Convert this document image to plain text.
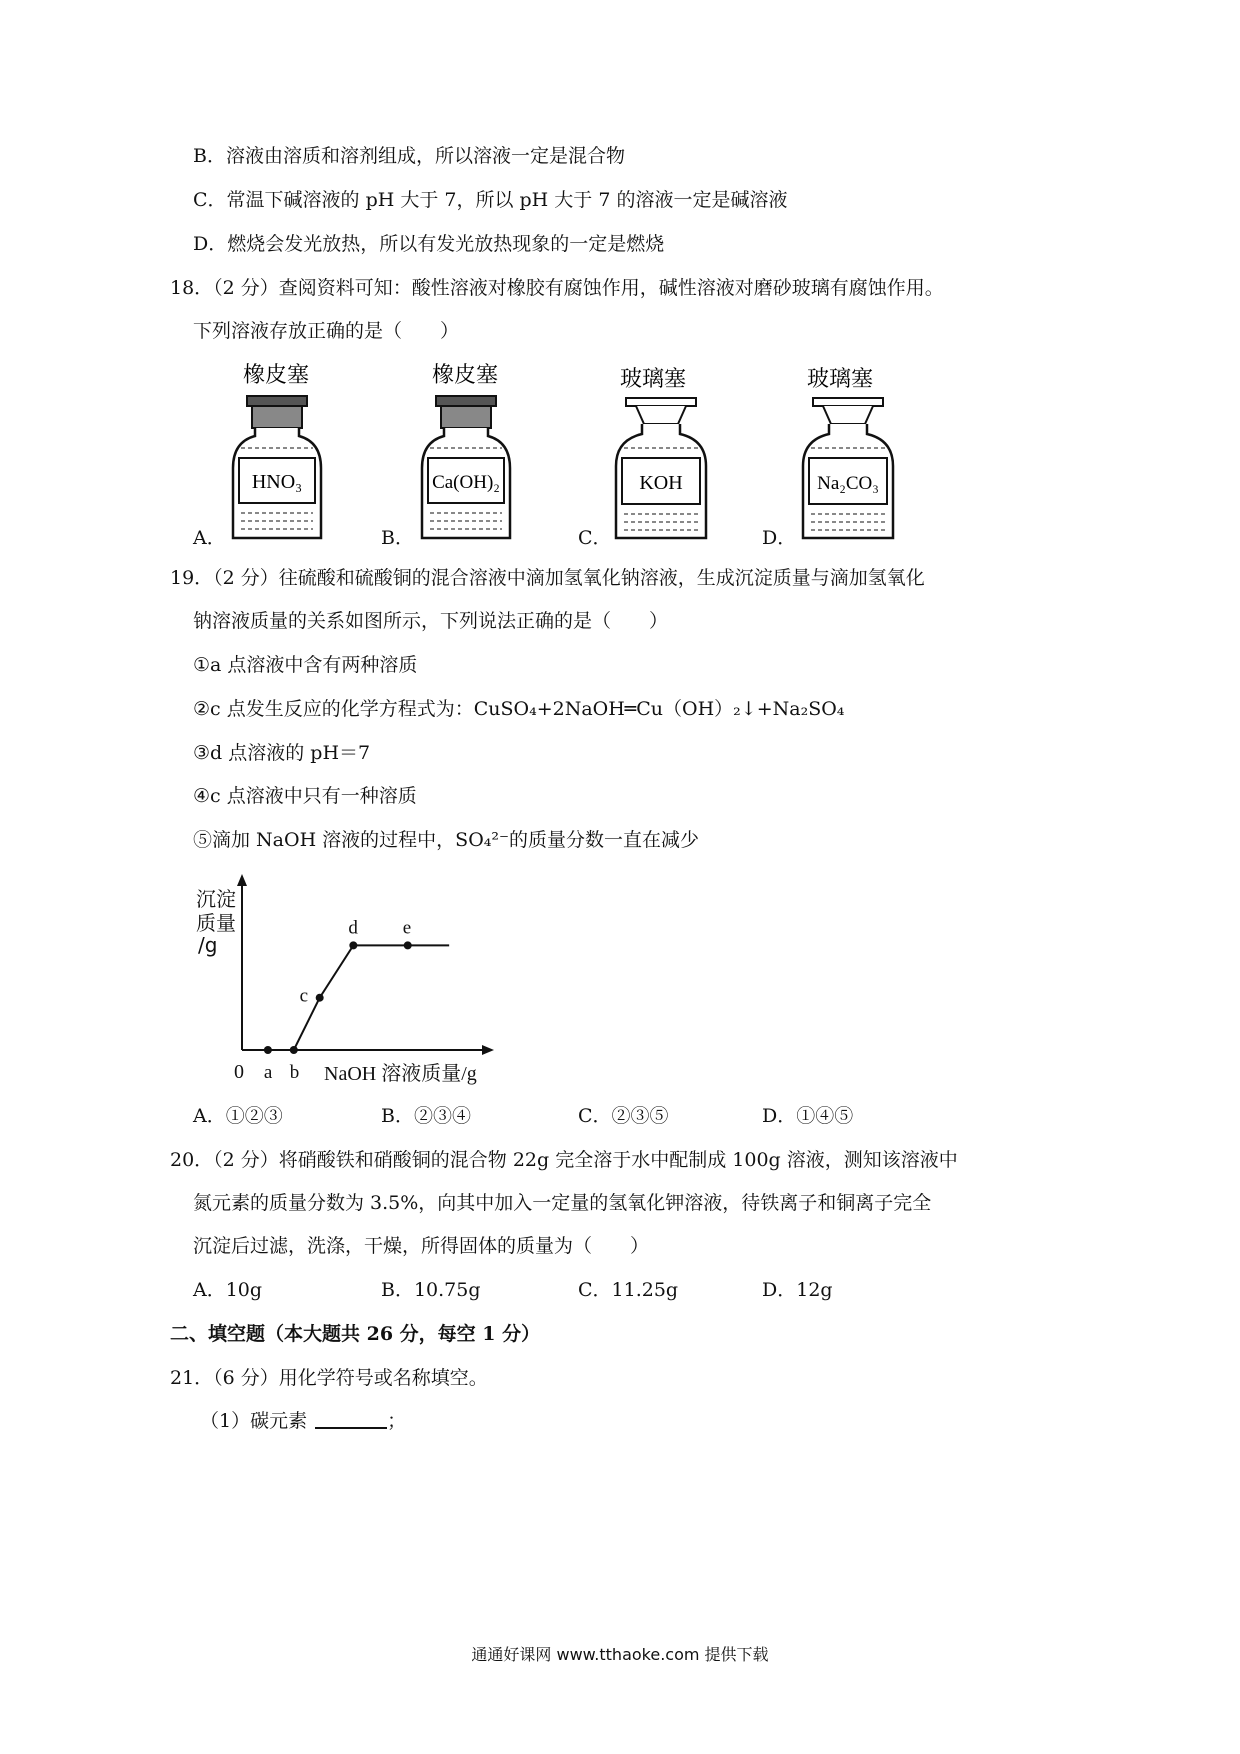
B．溶液由溶质和溶剂组成，所以溶液一定是混合物
C．常温下碱溶液的 pH 大于 7，所以 pH 大于 7 的溶液一定是碱溶液
D．燃烧会发光放热，所以有发光放热现象的一定是燃烧
18．（2 分）查阅资料可知：酸性溶液对橡胶有腐蚀作用，碱性溶液对磨砂玻璃有腐蚀作用。
下列溶液存放正确的是（　　）
橡皮塞
HNO₃
A．
橡皮塞
Ca(OH)₂
B．
玻璃塞
KOH
C．
玻璃塞
Na₂CO₃
D．
19．（2 分）往硫酸和硫酸铜的混合溶液中滴加氢氧化钠溶液，生成沉淀质量与滴加氢氧化
钠溶液质量的关系如图所示，下列说法正确的是（　　）
①a 点溶液中含有两种溶质
②c 点发生反应的化学方程式为：CuSO₄+2NaOH═Cu（OH）₂↓+Na₂SO₄
③d 点溶液的 pH＝7
④c 点溶液中只有一种溶质
⑤滴加 NaOH 溶液的过程中，SO₄²⁻的质量分数一直在减少
沉淀
质量
/g
a b
c
d e
0	NaOH 溶液质量/g
A．①②③	B．②③④	C．②③⑤	D．①④⑤
20．（2 分）将硝酸铁和硝酸铜的混合物 22g 完全溶于水中配制成 100g 溶液，测知该溶液中
氮元素的质量分数为 3.5%，向其中加入一定量的氢氧化钾溶液，待铁离子和铜离子完全
沉淀后过滤，洗涤，干燥，所得固体的质量为（　　）
A．10g	B．10.75g	C．11.25g	D．12g
二、填空题（本大题共 26 分，每空 1 分）
21．（6 分）用化学符号或名称填空。
（1）碳元素	；
通通好课网 www.tthaoke.com 提供下载
